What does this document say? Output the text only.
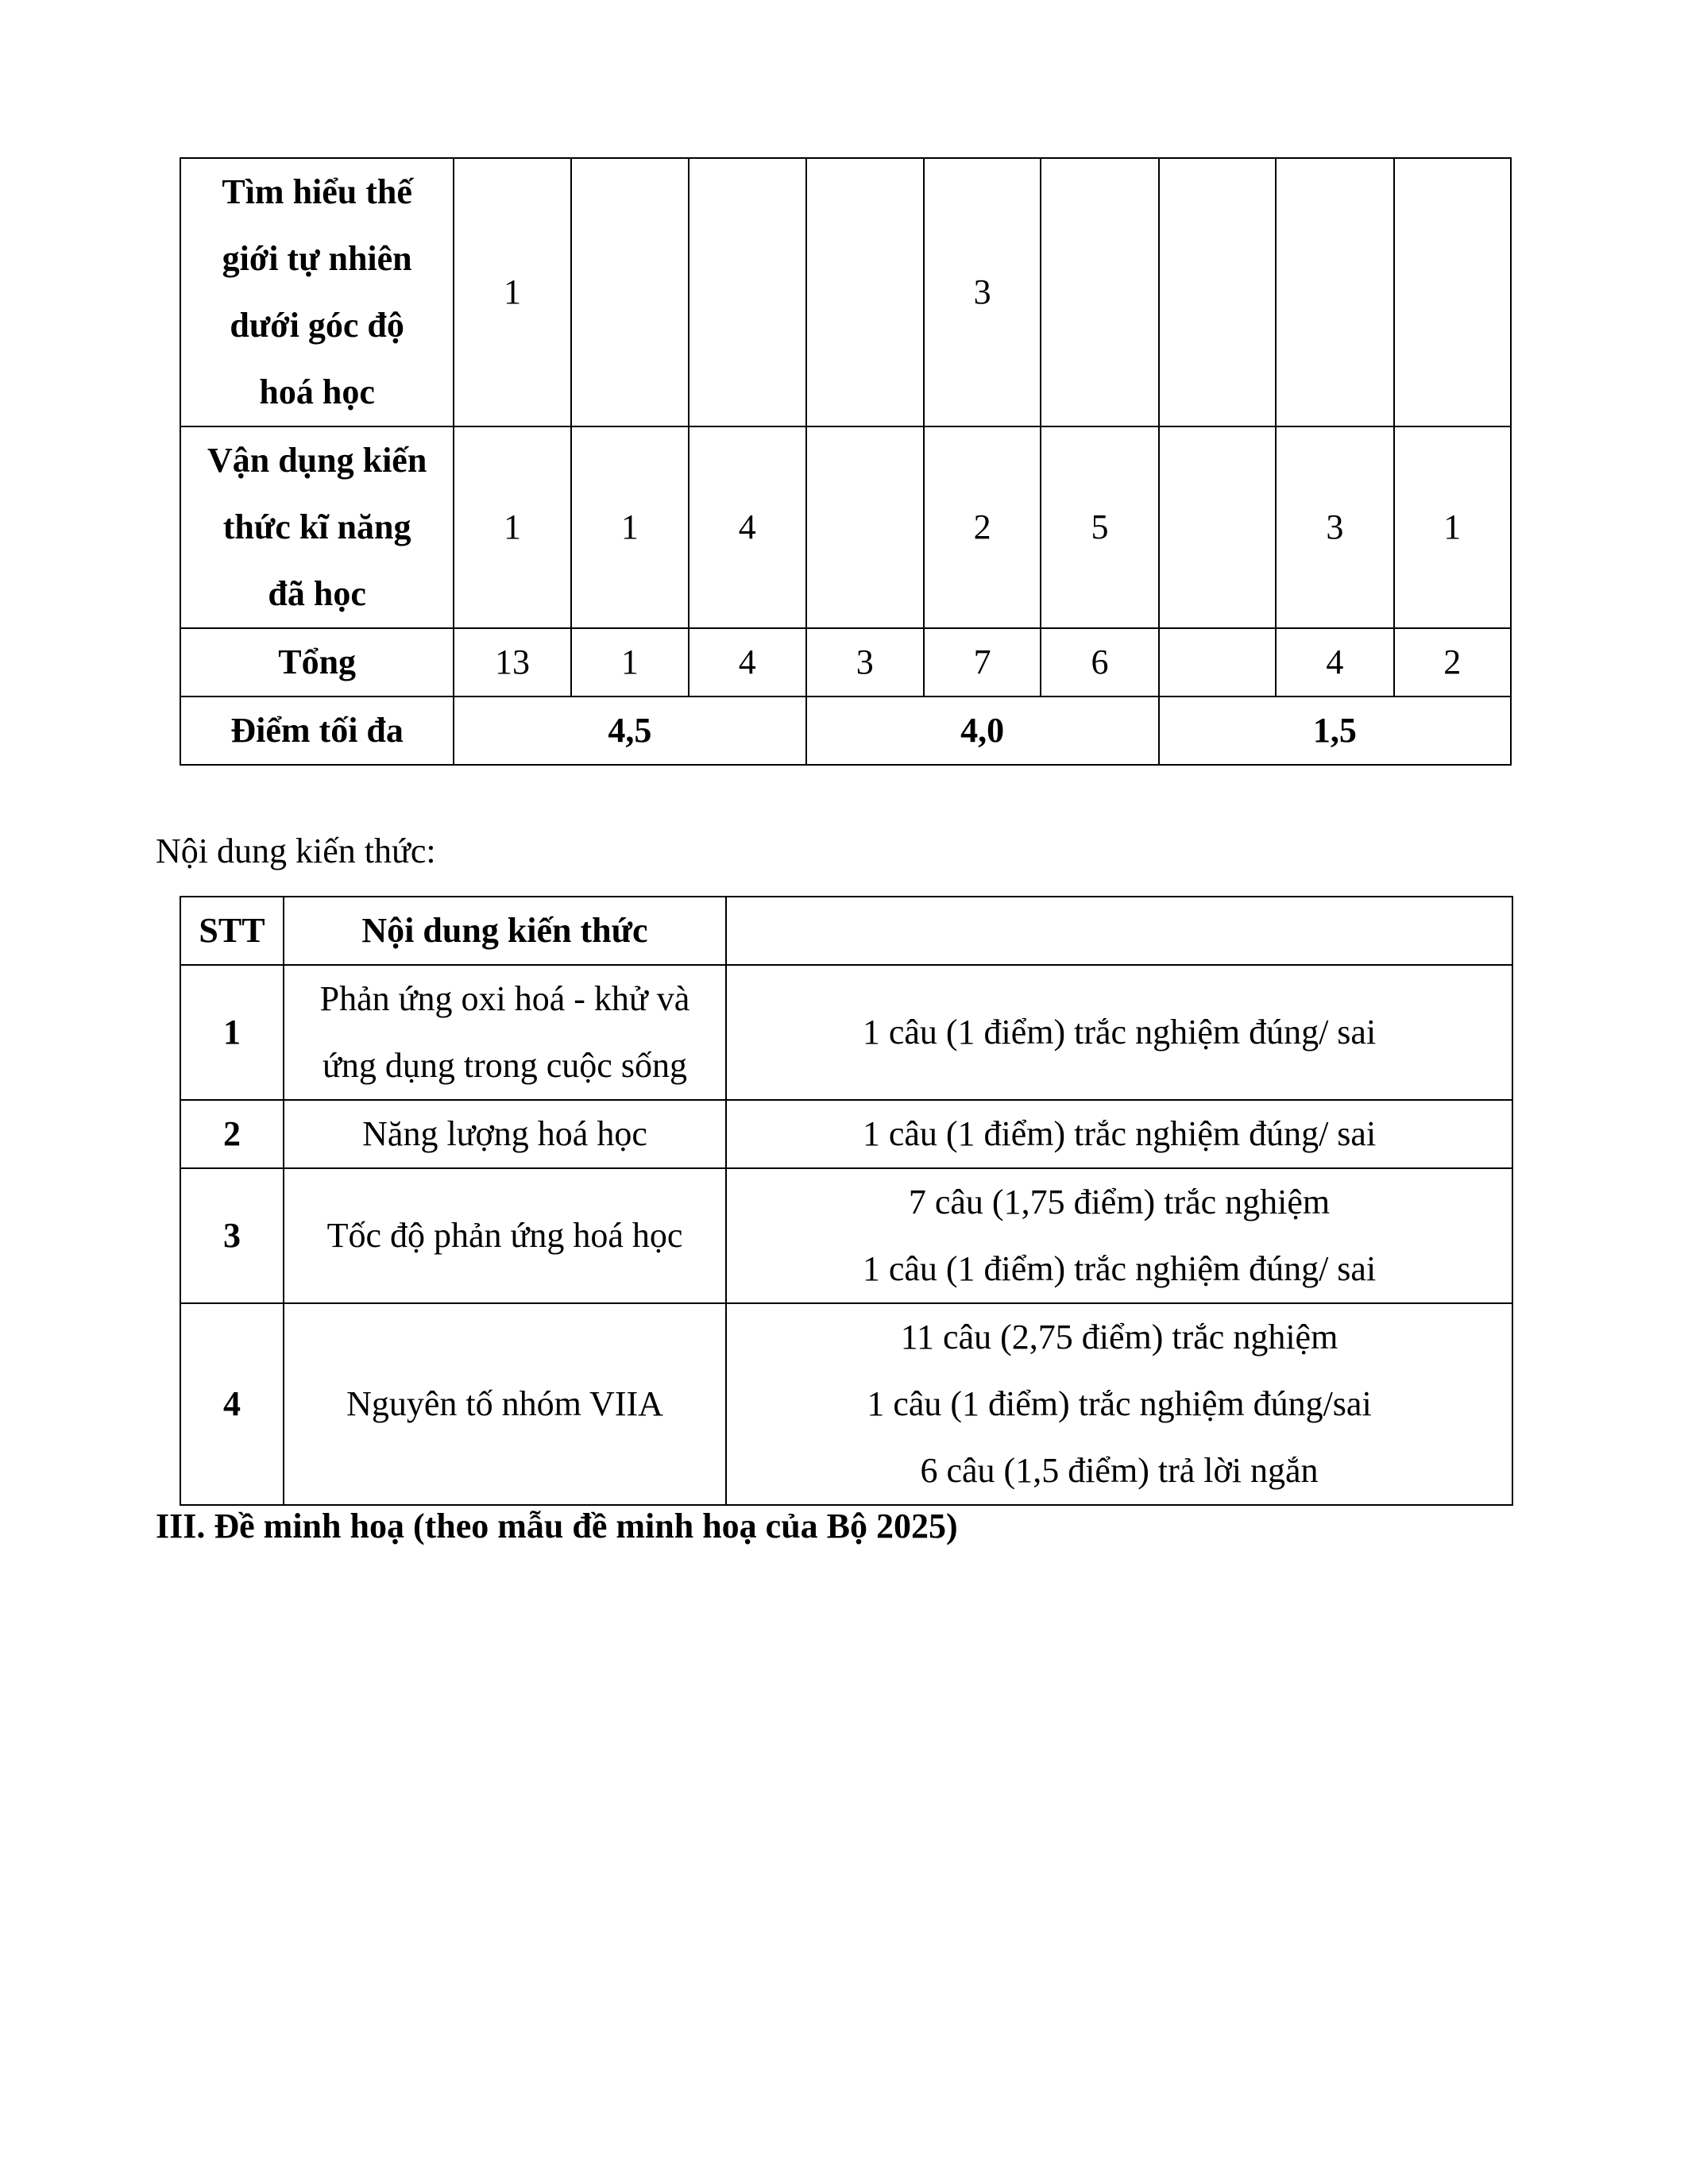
Tìm hiểu thế
giới tự nhiên
dưới góc độ
hoá học	1				3				

Vận dụng kiến
thức kĩ năng
đã học	1	1	4		2	5		3	1
Tổng	13	1	4	3	7	6		4	2
Điểm tối đa	4,5			4,0			1,5		

Nội dung kiến thức:

STT	Nội dung kiến thức	
1	Phản ứng oxi hoá - khử và
ứng dụng trong cuộc sống	1 câu (1 điểm) trắc nghiệm đúng/ sai

2	Năng lượng hoá học	1 câu (1 điểm) trắc nghiệm đúng/ sai

3	Tốc độ phản ứng hoá học	7 câu (1,75 điểm) trắc nghiệm
1 câu (1 điểm) trắc nghiệm đúng/ sai

4	Nguyên tố nhóm VIIA	11 câu (2,75 điểm) trắc nghiệm
1 câu (1 điểm) trắc nghiệm đúng/sai
6 câu (1,5 điểm) trả lời ngắn
III. Đề minh hoạ (theo mẫu đề minh hoạ của Bộ 2025)
